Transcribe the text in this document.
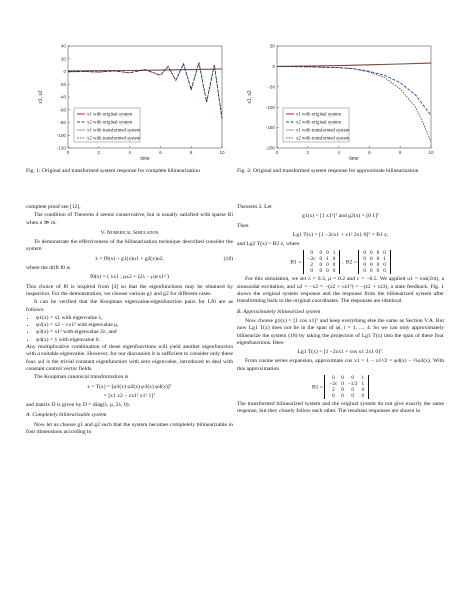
40
20
0
-20
-40
-60
-80
-100
-120
0	2	4	6	8	10
time
x1, x2
x1 with original system
x2 with original system
x1 with transformed system
x2 with transformed system
Fig. 1: Original and transformed system response for complete bilinearization

complete proof see [12].

The condition of Theorem 4 seems conservative, but is usually satisfied with sparse Bi when n ≫ m.

V. Numerical Simulation

To demonstrate the effectiveness of the bilinearization technique described consider the system

ẋ = f0(x) + g1(x)u1 + g2(x)u2,	(18)

where the drift f0 is

f0(x) = ( λx1 ; μx2 + (2λ − μ)cx1² )

This choice of f0 is inspired from [3] so that the eigenfunctions may be obtained by inspection. For the demonstration, we choose various g1 and g2 for different cases.

It can be verified that the Koopman eigenvalue-eigenfunction pairs for Lf0 are as follows:

• φ1(x) = x1 with eigenvalue λ,
• φ2(x) = x2 − cx1² with eigenvalue μ,
• φ3(x) = x1² with eigenvalue 2λ, and
• φ4(x) = 1 with eigenvalue 0.

Any multiplicative combination of these eigenfunctions will yield another eigenfunction with a suitable eigenvalue. However, for our discussion it is sufficient to consider only these four. φ4 is the trivial constant eigenfunction with zero eigenvalue, introduced to deal with constant control vector fields.

The Koopman canonical transformation is

z = T(x) = [φ1(x) φ2(x) φ3(x) φ4(x)]ᵀ
= [x1 x2 − cx1² x1² 1]ᵀ

and matrix D is given by D = diag(λ, μ, 2λ, 0).

A. Completely bilinearizable system

Now let us choose g1 and g2 such that the system becomes completely bilinearizable in four dimensions according to

50
0
-50
-100
-150
-200
0	2	4	6	8	10
time
x1, x2
x1 with original system
x2 with original system
x1 with transformed system
x2 with transformed system
Fig. 2: Original and transformed system response for approximate bilinearization

Theorem 2. Let

g1(x) = [1 x1²]ᵀ and g2(x) = [0 1]ᵀ

Then

Lg1 T(x) = [1 −2cx1 + x1² 2x1 0]ᵀ = B1 z,

and Lg2 T(x) = B2 z, where

B1 =
0	0	0	1
−2c	0	1	0
2	0	0	0
0	0	0	0
,  B2 =
0	0	0	0
0	0	0	1
0	0	0	0
0	0	0	0

For this simulation, we set λ = 0.3, μ = 0.2 and c = −0.5. We applied u1 = cos(2πt), a sinusoidal excitation, and u2 = −x2 = −(z2 + cz1²) = −(z2 + cz3), a state feedback. Fig. 1 shows the original system response and the response from the bilinearized system after transforming back to the original coordinates. The responses are identical.

B. Approximately bilinearized system

Now choose g1(x) = [1 cos x1]ᵀ and keep everything else the same as Section V.A. But now Lg1 T(x) does not lie in the span of φi, i = 1, ..., 4. So we can only approximately bilinearize the system (18) by taking the projection of Lg1 T(x) into the span of these four eigenfunctions. Here

Lg1 T(x) = [1 −2cx1 + cos x1 2x1 0]ᵀ.

From cosine series expansion, approximate cos x1 = 1 − x1²/2 = φ4(x) − ½φ3(x). With this approximation

B1 =
0	0	0	1
−2c	0	−1/2	1
2	0	0	0
0	0	0	0

The transformed bilinearized system and the original system do not give exactly the same response, but they closely follow each other. The resultant responses are shown in
